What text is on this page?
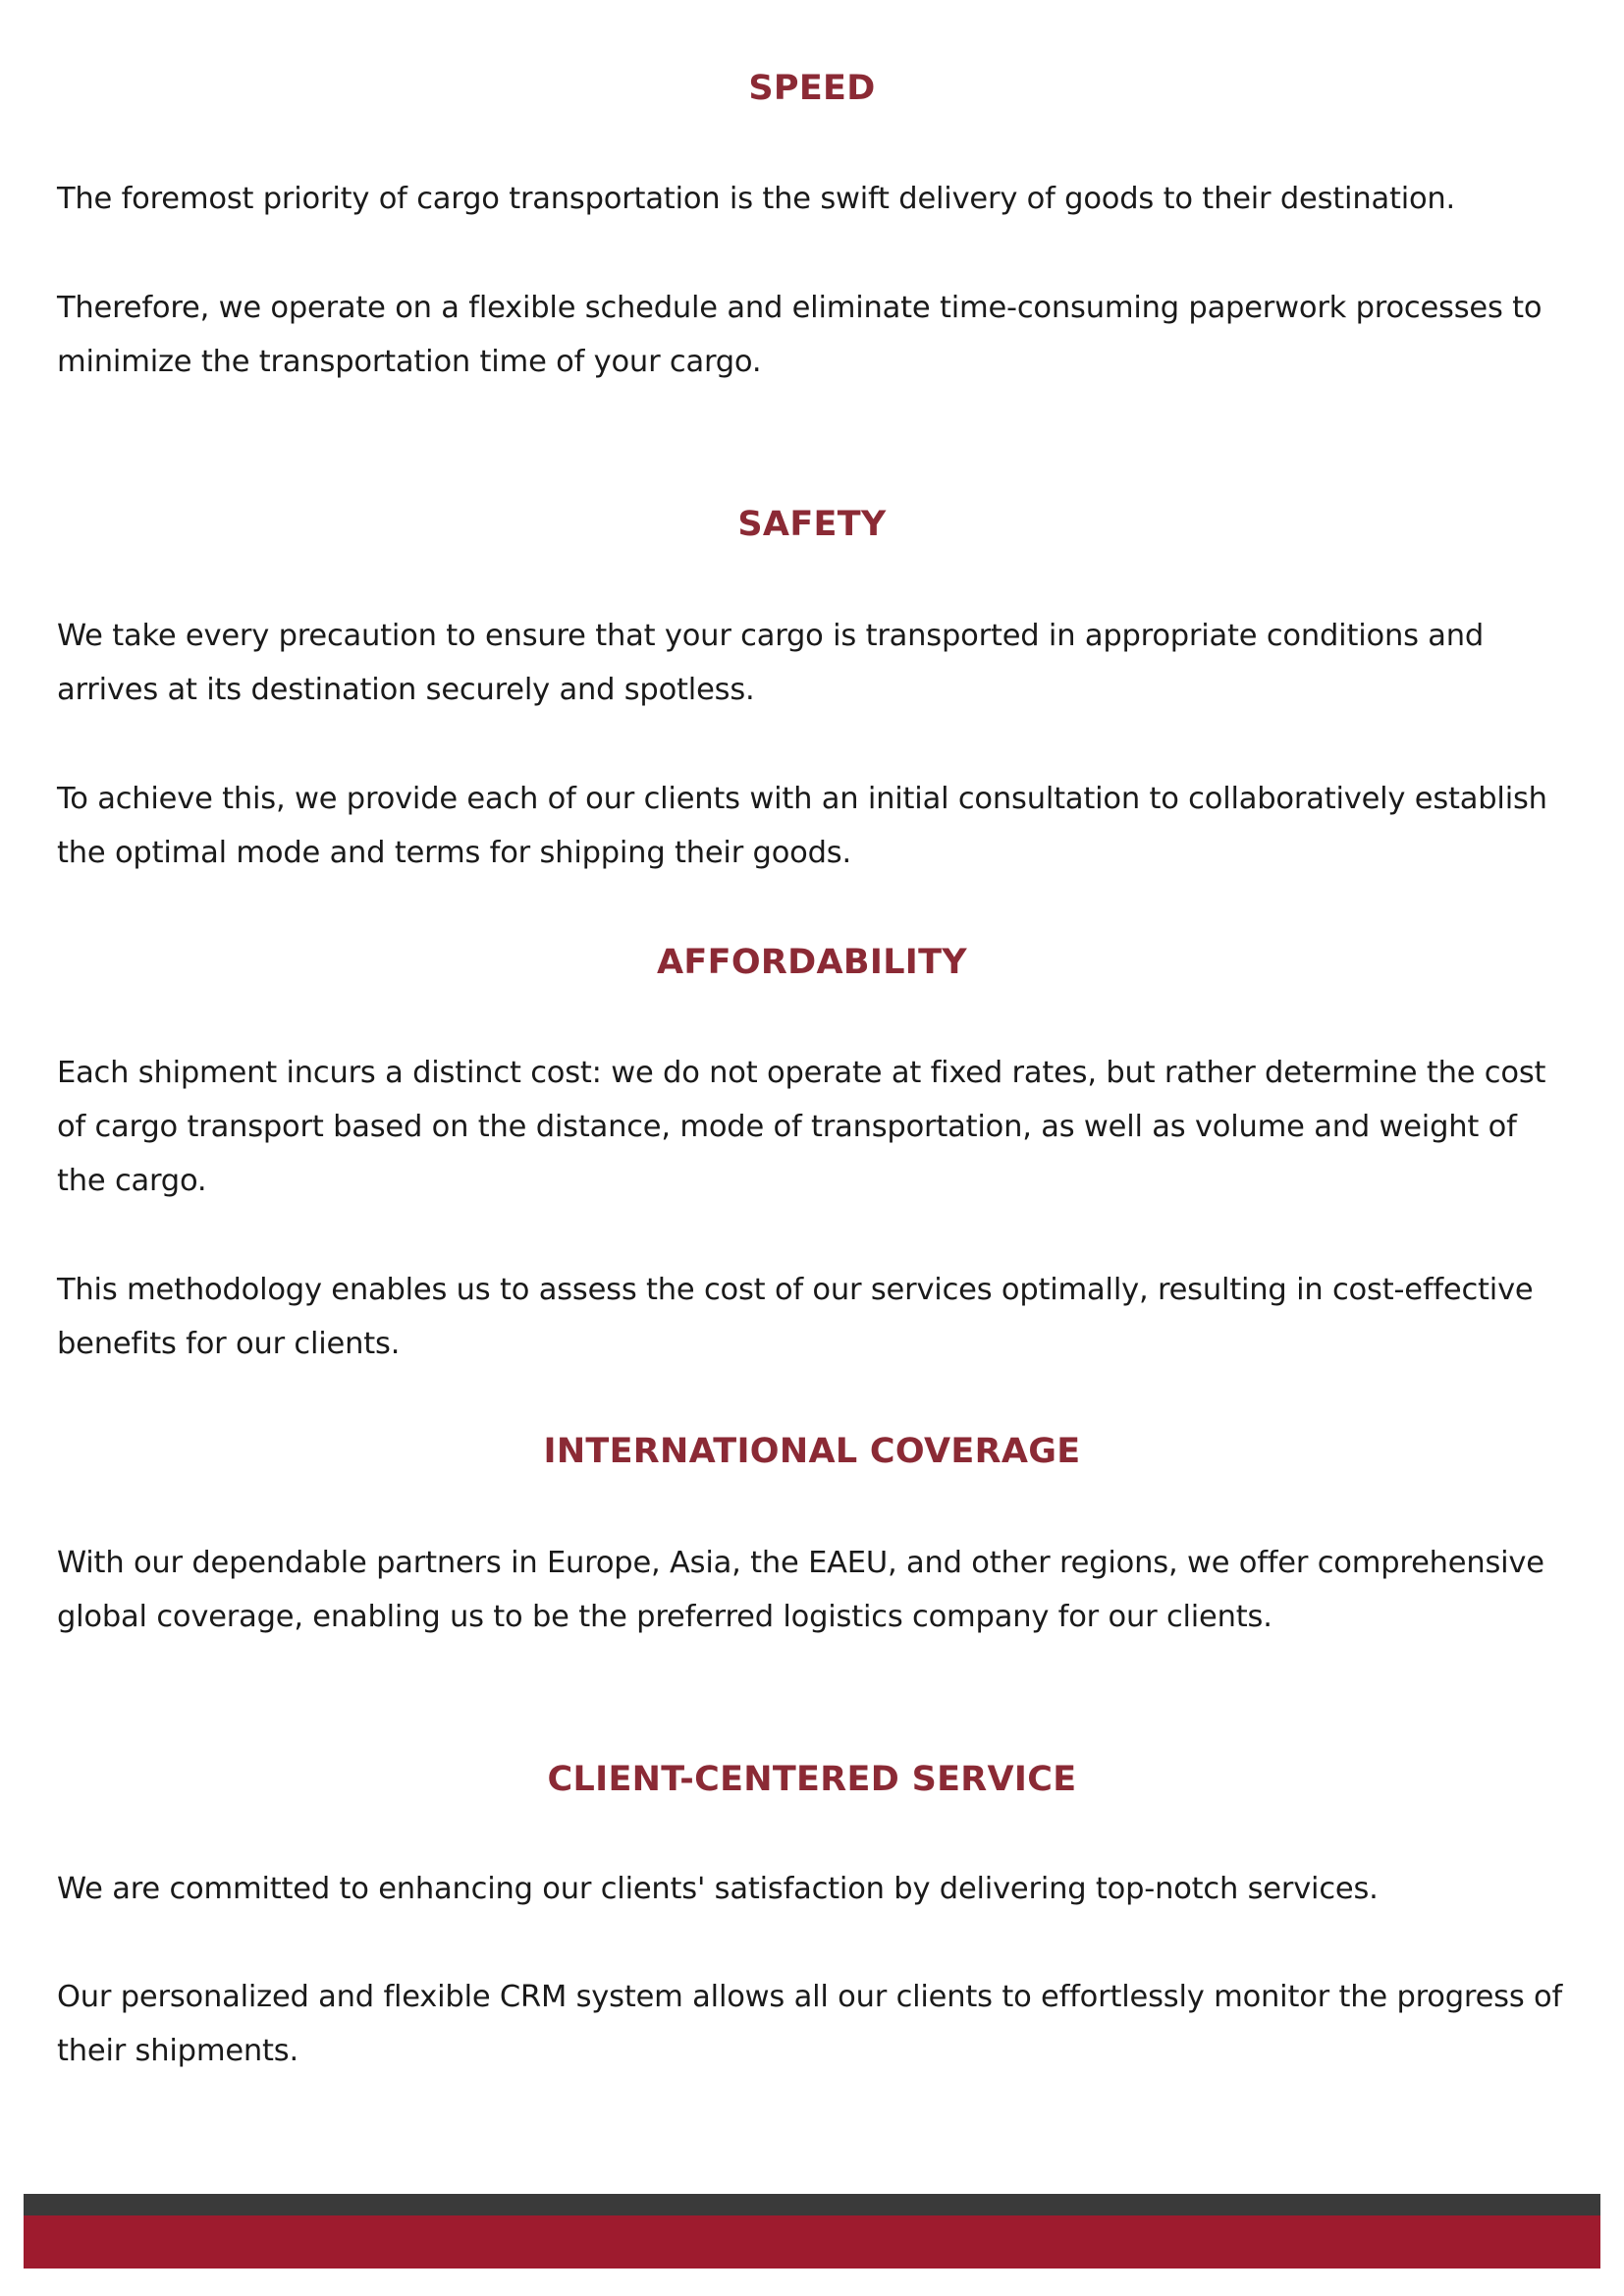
SPEED

The foremost priority of cargo transportation is the swift delivery of goods to their destination.

Therefore, we operate on a flexible schedule and eliminate time-consuming paperwork processes to minimize the transportation time of your cargo.

SAFETY

We take every precaution to ensure that your cargo is transported in appropriate conditions and arrives at its destination securely and spotless.

To achieve this, we provide each of our clients with an initial consultation to collaboratively establish the optimal mode and terms for shipping their goods.

AFFORDABILITY

Each shipment incurs a distinct cost: we do not operate at fixed rates, but rather determine the cost of cargo transport based on the distance, mode of transportation, as well as volume and weight of the cargo.

This methodology enables us to assess the cost of our services optimally, resulting in cost-effective benefits for our clients.

INTERNATIONAL COVERAGE

With our dependable partners in Europe, Asia, the EAEU, and other regions, we offer comprehensive global coverage, enabling us to be the preferred logistics company for our clients.

CLIENT-CENTERED SERVICE

We are committed to enhancing our clients' satisfaction by delivering top-notch services.

Our personalized and flexible CRM system allows all our clients to effortlessly monitor the progress of their shipments.
